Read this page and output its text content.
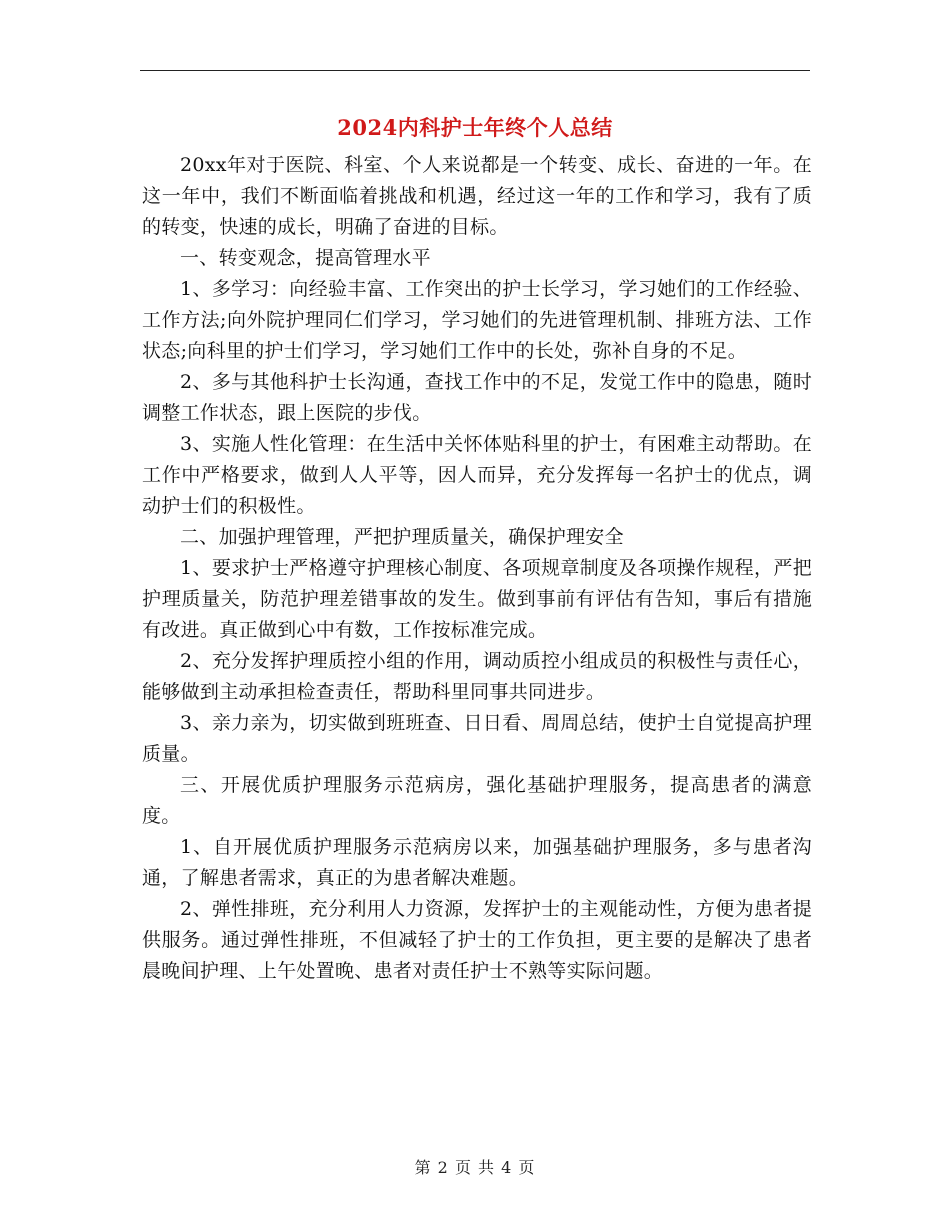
2024内科护士年终个人总结

20xx年对于医院、科室、个人来说都是一个转变、成长、奋进的一年。在这一年中，我们不断面临着挑战和机遇，经过这一年的工作和学习，我有了质的转变，快速的成长，明确了奋进的目标。

一、转变观念，提高管理水平

1、多学习：向经验丰富、工作突出的护士长学习，学习她们的工作经验、工作方法;向外院护理同仁们学习，学习她们的先进管理机制、排班方法、工作状态;向科里的护士们学习，学习她们工作中的长处，弥补自身的不足。

2、多与其他科护士长沟通，查找工作中的不足，发觉工作中的隐患，随时调整工作状态，跟上医院的步伐。

3、实施人性化管理：在生活中关怀体贴科里的护士，有困难主动帮助。在工作中严格要求，做到人人平等，因人而异，充分发挥每一名护士的优点，调动护士们的积极性。

二、加强护理管理，严把护理质量关，确保护理安全

1、要求护士严格遵守护理核心制度、各项规章制度及各项操作规程，严把护理质量关，防范护理差错事故的发生。做到事前有评估有告知，事后有措施有改进。真正做到心中有数，工作按标准完成。

2、充分发挥护理质控小组的作用，调动质控小组成员的积极性与责任心，能够做到主动承担检查责任，帮助科里同事共同进步。

3、亲力亲为，切实做到班班查、日日看、周周总结，使护士自觉提高护理质量。

三、开展优质护理服务示范病房，强化基础护理服务，提高患者的满意度。

1、自开展优质护理服务示范病房以来，加强基础护理服务，多与患者沟通，了解患者需求，真正的为患者解决难题。

2、弹性排班，充分利用人力资源，发挥护士的主观能动性，方便为患者提供服务。通过弹性排班，不但减轻了护士的工作负担，更主要的是解决了患者晨晚间护理、上午处置晚、患者对责任护士不熟等实际问题。

第 2 页 共 4 页
